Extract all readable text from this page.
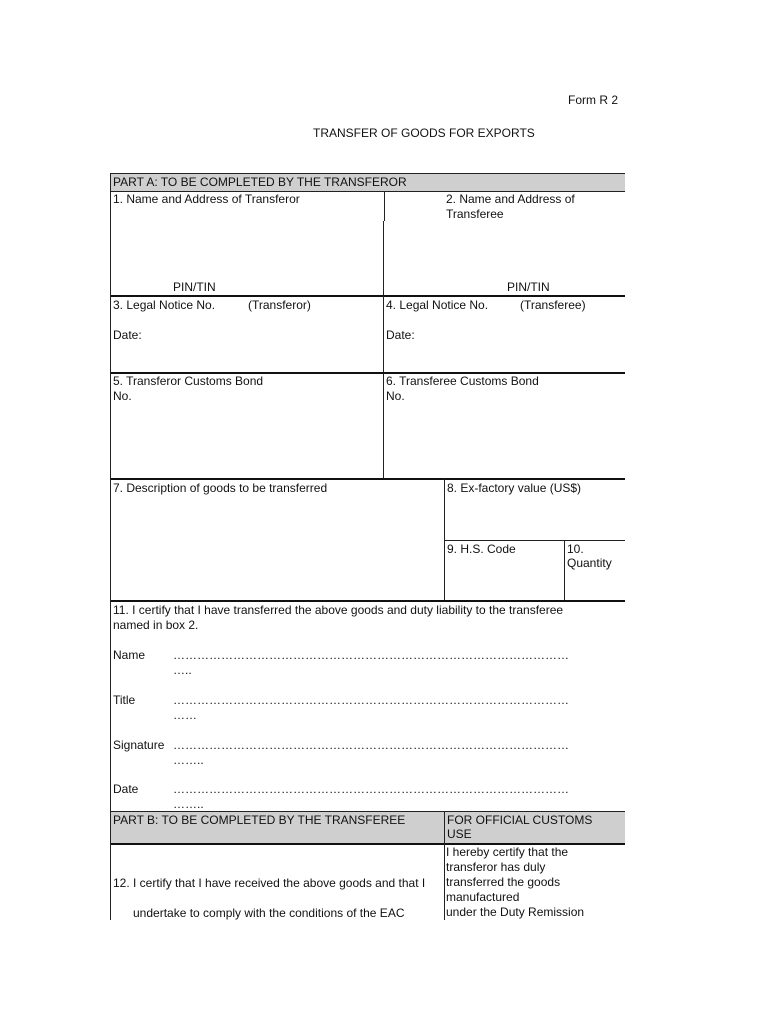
Form R 2
TRANSFER OF GOODS FOR EXPORTS
PART A: TO BE COMPLETED BY THE TRANSFEROR
1. Name and Address of Transferor
PIN/TIN
2. Name and Address of
Transferee
PIN/TIN
3. Legal Notice No.	(Transferor)
Date:
4. Legal Notice No.	(Transferee)
Date:
5. Transferor Customs Bond
No.
6. Transferee Customs Bond
No.
7. Description of goods to be transferred	8. Ex-factory value (US$)
9. H.S. Code	10.
Quantity
11. I certify that I have transferred the above goods and duty liability to the transferee
named in box 2.
Name ………………………………………………………………………………………
…..
Title	………………………………………………………………………………………
……
Signature ………………………………………………………………………………………
……..
Date	………………………………………………………………………………………
……..
PART B: TO BE COMPLETED BY THE TRANSFEREE	FOR OFFICIAL CUSTOMS
USE
12. I certify that I have received the above goods and that I
undertake to comply with the conditions of the EAC
I hereby certify that the
transferor has duly
transferred the goods
manufactured
under the Duty Remission
